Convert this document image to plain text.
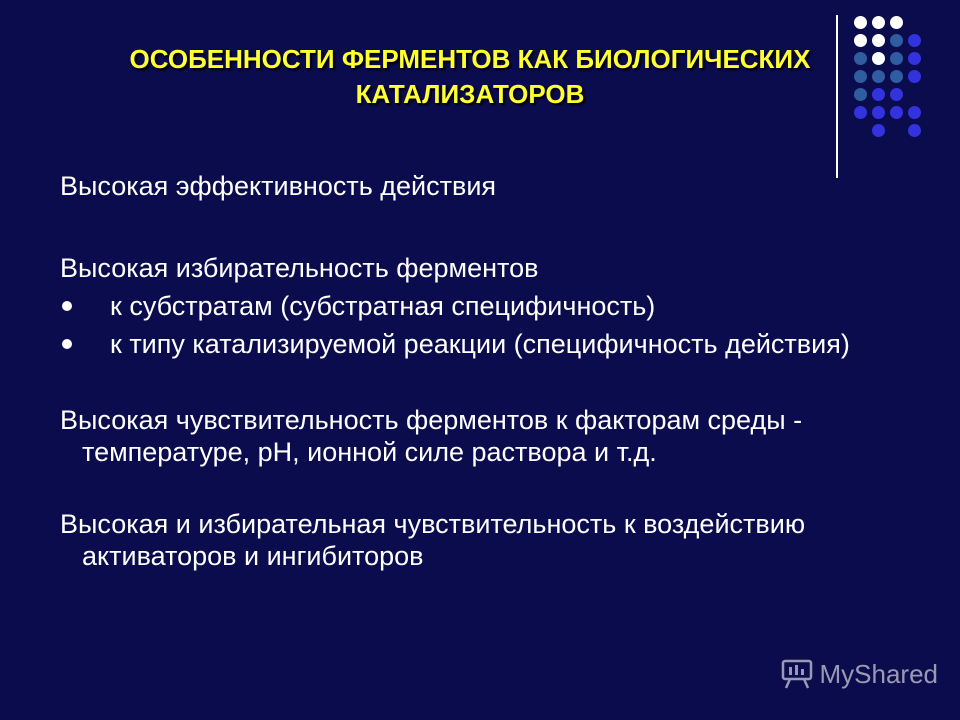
ОСОБЕННОСТИ ФЕРМЕНТОВ КАК БИОЛОГИЧЕСКИХ
КАТАЛИЗАТОРОВ

Высокая эффективность действия

Высокая избирательность ферментов

к субстратам (субстратная специфичность)
к типу катализируемой реакции (специфичность действия)

Высокая чувствительность ферментов к факторам среды - температуре, рН, ионной силе раствора и т.д.

Высокая и избирательная чувствительность к воздействию активаторов и ингибиторов

MyShared
